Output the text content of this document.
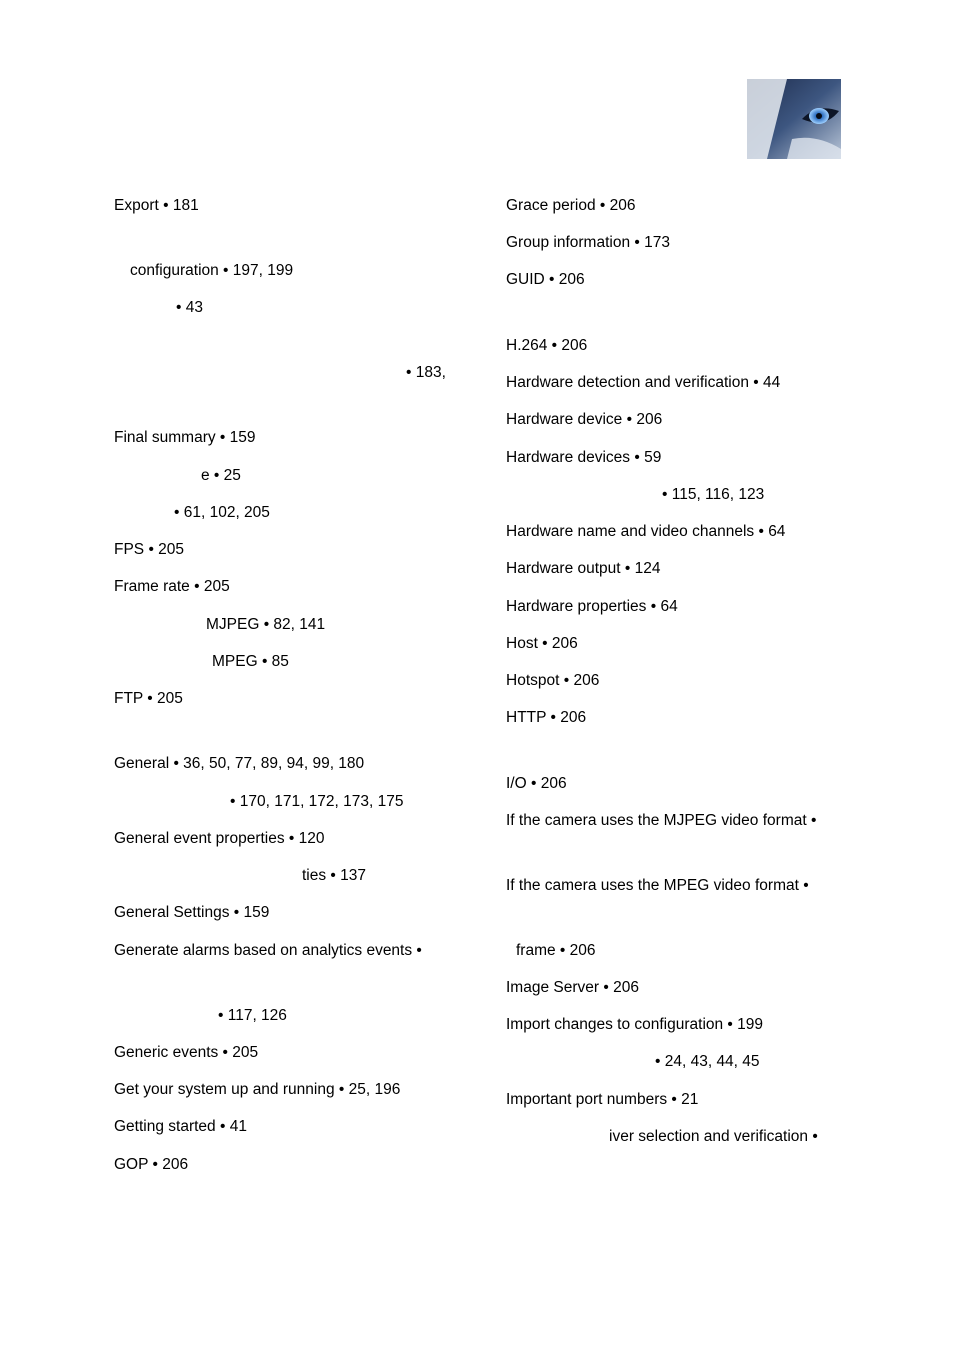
Export • 181
configuration • 197, 199
• 43
• 183,
Final summary • 159
e • 25
• 61, 102, 205
FPS • 205
Frame rate • 205
MJPEG • 82, 141
MPEG • 85
FTP • 205
General • 36, 50, 77, 89, 94, 99, 180
• 170, 171, 172, 173, 175
General event properties • 120
ties • 137
General Settings • 159
Generate alarms based on analytics events •
• 117, 126
Generic events • 205
Get your system up and running • 25, 196
Getting started • 41
GOP • 206
Grace period • 206
Group information • 173
GUID • 206
H.264 • 206
Hardware detection and verification • 44
Hardware device • 206
Hardware devices • 59
• 115, 116, 123
Hardware name and video channels • 64
Hardware output • 124
Hardware properties • 64
Host • 206
Hotspot • 206
HTTP • 206
I/O • 206
If the camera uses the MJPEG video format •
If the camera uses the MPEG video format •
frame • 206
Image Server • 206
Import changes to configuration • 199
• 24, 43, 44, 45
Important port numbers • 21
iver selection and verification •
